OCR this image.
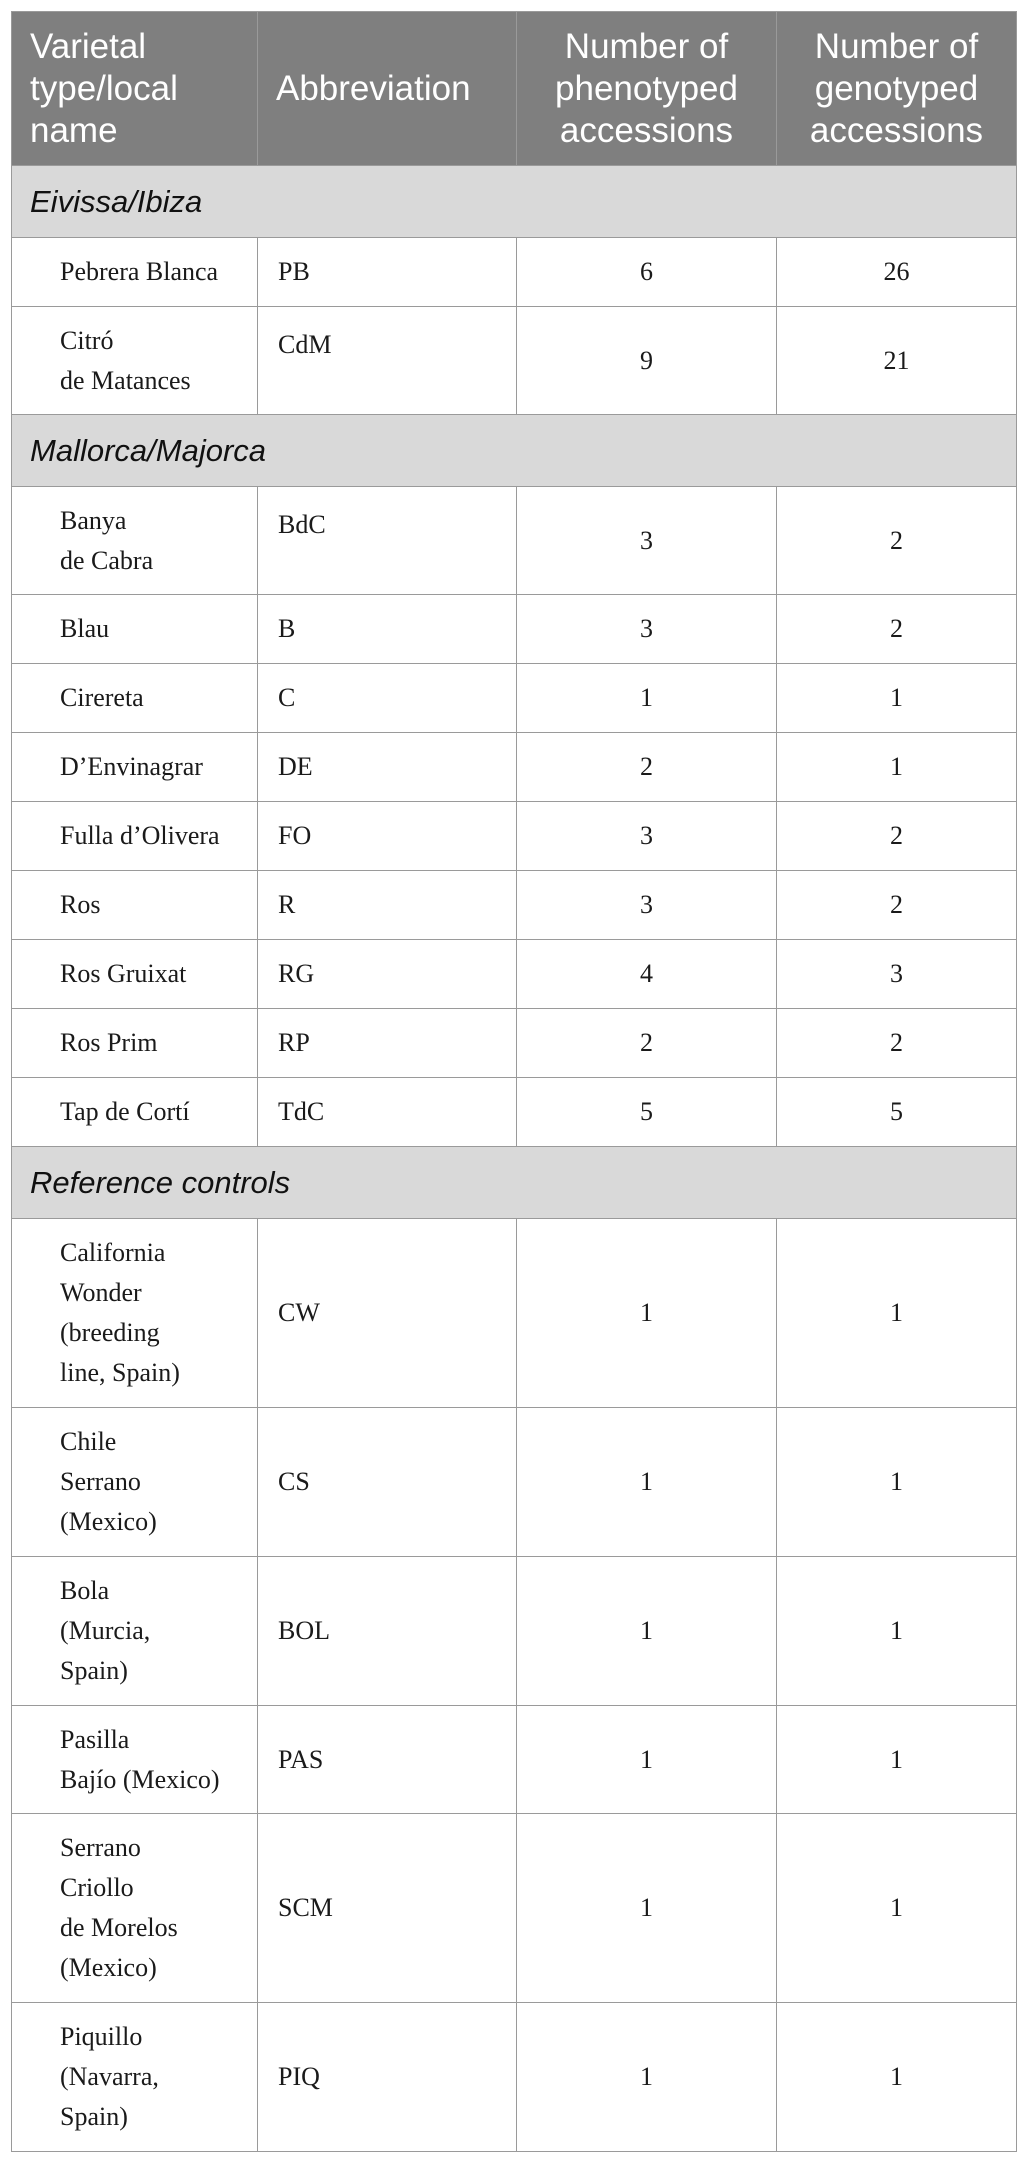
Varietal type/local name	Abbreviation	Number of phenotyped accessions	Number of genotyped accessions
Eivissa/Ibiza			
Pebrera Blanca	PB	6	26
Citró
de Matances	CdM	9	21
Mallorca/Majorca			
Banya
de Cabra	BdC	3	2
Blau	B	3	2
Cirereta	C	1	1
D’Envinagrar	DE	2	1
Fulla d’Olivera	FO	3	2
Ros	R	3	2
Ros Gruixat	RG	4	3
Ros Prim	RP	2	2
Tap de Cortí	TdC	5	5
Reference controls			
California
Wonder
(breeding
line, Spain)	CW	1	1
Chile
Serrano
(Mexico)	CS	1	1
Bola
(Murcia,
Spain)	BOL	1	1
Pasilla
Bajío (Mexico)	PAS	1	1
Serrano
Criollo
de Morelos
(Mexico)	SCM	1	1
Piquillo
(Navarra,
Spain)	PIQ	1	1
